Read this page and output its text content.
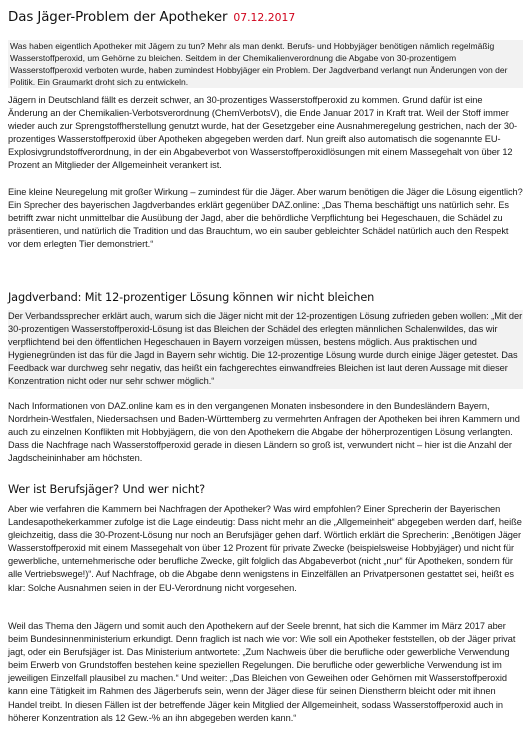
Das Jäger-Problem der Apotheker 07.12.2017
Was haben eigentlich Apotheker mit Jägern zu tun? Mehr als man denkt. Berufs- und Hobbyjäger benötigen nämlich regelmäßig Wasserstoffperoxid, um Gehörne zu bleichen. Seitdem in der Chemikalienverordnung die Abgabe von 30-prozentigem Wasserstoffperoxid verboten wurde, haben zumindest Hobbyjäger ein Problem. Der Jagdverband verlangt nun Änderungen von der Politik. Ein Graumarkt droht sich zu entwickeln.
Jägern in Deutschland fällt es derzeit schwer, an 30-prozentiges Wasserstoffperoxid zu kommen. Grund dafür ist eine Änderung an der Chemikalien-Verbotsverordnung (ChemVerbotsV), die Ende Januar 2017 in Kraft trat. Weil der Stoff immer wieder auch zur Sprengstoffherstellung genutzt wurde, hat der Gesetzgeber eine Ausnahmeregelung gestrichen, nach der 30-prozentiges Wasserstoffperoxid über Apotheken abgegeben werden darf. Nun greift also automatisch die sogenannte EU-Explosivgrundstoffverordnung, in der ein Abgabeverbot von Wasserstoffperoxidlösungen mit einem Massegehalt von über 12 Prozent an Mitglieder der Allgemeinheit verankert ist.
Eine kleine Neuregelung mit großer Wirkung – zumindest für die Jäger. Aber warum benötigen die Jäger die Lösung eigentlich? Ein Sprecher des bayerischen Jagdverbandes erklärt gegenüber DAZ.online: „Das Thema beschäftigt uns natürlich sehr. Es betrifft zwar nicht unmittelbar die Ausübung der Jagd, aber die behördliche Verpflichtung bei Hegeschauen, die Schädel zu präsentieren, und natürlich die Tradition und das Brauchtum, wo ein sauber gebleichter Schädel natürlich auch den Respekt vor dem erlegten Tier demonstriert.“
Jagdverband: Mit 12-prozentiger Lösung können wir nicht bleichen
Der Verbandssprecher erklärt auch, warum sich die Jäger nicht mit der 12-prozentigen Lösung zufrieden geben wollen: „Mit der 30-prozentigen Wasserstoffperoxid-Lösung ist das Bleichen der Schädel des erlegten männlichen Schalenwildes, das wir verpflichtend bei den öffentlichen Hegeschauen in Bayern vorzeigen müssen, bestens möglich. Aus praktischen und Hygienegründen ist das für die Jagd in Bayern sehr wichtig. Die 12-prozentige Lösung wurde durch einige Jäger getestet. Das Feedback war durchweg sehr negativ, das heißt ein fachgerechtes einwandfreies Bleichen ist laut deren Aussage mit dieser Konzentration nicht oder nur sehr schwer möglich.“
Nach Informationen von DAZ.online kam es in den vergangenen Monaten insbesondere in den Bundesländern Bayern, Nordrhein-Westfalen, Niedersachsen und Baden-Württemberg zu vermehrten Anfragen der Apotheken bei ihren Kammern und auch zu einzelnen Konflikten mit Hobbyjägern, die von den Apothekern die Abgabe der höherprozentigen Lösung verlangten. Dass die Nachfrage nach Wasserstoffperoxid gerade in diesen Ländern so groß ist, verwundert nicht – hier ist die Anzahl der Jagdscheininhaber am höchsten.
Wer ist Berufsjäger? Und wer nicht?
Aber wie verfahren die Kammern bei Nachfragen der Apotheker? Was wird empfohlen? Einer Sprecherin der Bayerischen Landesapothekerkammer zufolge ist die Lage eindeutig: Dass nicht mehr an die „Allgemeinheit“ abgegeben werden darf, heiße gleichzeitig, dass die 30-Prozent-Lösung nur noch an Berufsjäger gehen darf. Wörtlich erklärt die Sprecherin: „Benötigen Jäger Wasserstoffperoxid mit einem Massegehalt von über 12 Prozent für private Zwecke (beispielsweise Hobbyjäger) und nicht für gewerbliche, unternehmerische oder berufliche Zwecke, gilt folglich das Abgabeverbot (nicht „nur“ für Apotheken, sondern für alle Vertriebswege!)“. Auf Nachfrage, ob die Abgabe denn wenigstens in Einzelfällen an Privatpersonen gestattet sei, heißt es klar: Solche Ausnahmen seien in der EU-Verordnung nicht vorgesehen.
Weil das Thema den Jägern und somit auch den Apothekern auf der Seele brennt, hat sich die Kammer im März 2017 aber beim Bundesinnenministerium erkundigt. Denn fraglich ist nach wie vor: Wie soll ein Apotheker feststellen, ob der Jäger privat jagt, oder ein Berufsjäger ist. Das Ministerium antwortete: „Zum Nachweis über die berufliche oder gewerbliche Verwendung beim Erwerb von Grundstoffen bestehen keine speziellen Regelungen. Die berufliche oder gewerbliche Verwendung ist im jeweiligen Einzelfall plausibel zu machen.“ Und weiter: „Das Bleichen von Geweihen oder Gehörnen mit Wasserstoffperoxid kann eine Tätigkeit im Rahmen des Jägerberufs sein, wenn der Jäger diese für seinen Dienstherrn bleicht oder mit ihnen Handel treibt. In diesen Fällen ist der betreffende Jäger kein Mitglied der Allgemeinheit, sodass Wasserstoffperoxid auch in höherer Konzentration als 12 Gew.-% an ihn abgegeben werden kann.“
